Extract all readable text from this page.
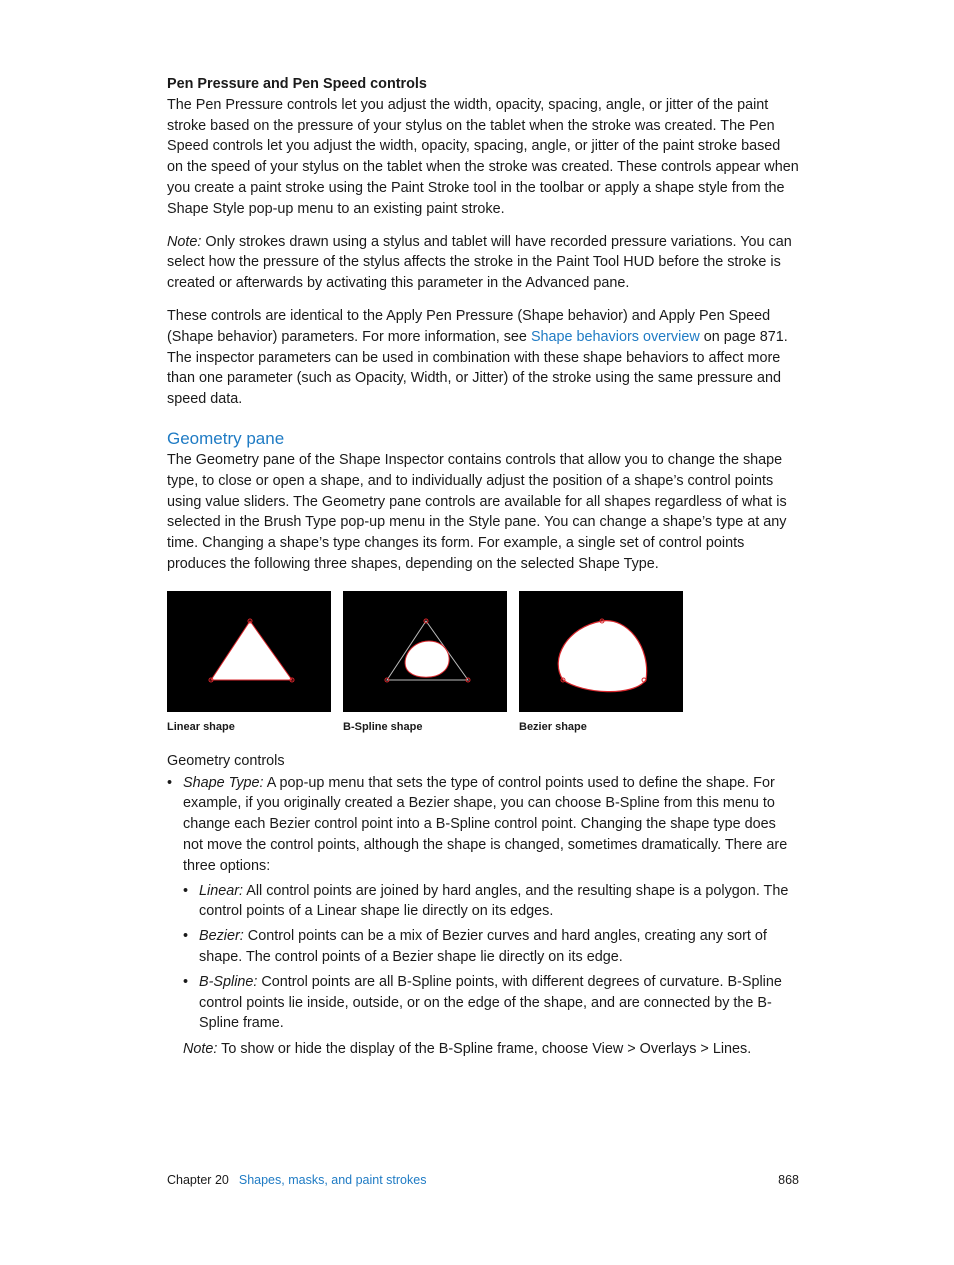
Pen Pressure and Pen Speed controls

The Pen Pressure controls let you adjust the width, opacity, spacing, angle, or jitter of the paint stroke based on the pressure of your stylus on the tablet when the stroke was created. The Pen Speed controls let you adjust the width, opacity, spacing, angle, or jitter of the paint stroke based on the speed of your stylus on the tablet when the stroke was created. These controls appear when you create a paint stroke using the Paint Stroke tool in the toolbar or apply a shape style from the Shape Style pop-up menu to an existing paint stroke.

Note: Only strokes drawn using a stylus and tablet will have recorded pressure variations. You can select how the pressure of the stylus affects the stroke in the Paint Tool HUD before the stroke is created or afterwards by activating this parameter in the Advanced pane.

These controls are identical to the Apply Pen Pressure (Shape behavior) and Apply Pen Speed (Shape behavior) parameters. For more information, see Shape behaviors overview on page 871. The inspector parameters can be used in combination with these shape behaviors to affect more than one parameter (such as Opacity, Width, or Jitter) of the stroke using the same pressure and speed data.

Geometry pane

The Geometry pane of the Shape Inspector contains controls that allow you to change the shape type, to close or open a shape, and to individually adjust the position of a shape’s control points using value sliders. The Geometry pane controls are available for all shapes regardless of what is selected in the Brush Type pop-up menu in the Style pane. You can change a shape’s type at any time. Changing a shape’s type changes its form. For example, a single set of control points produces the following three shapes, depending on the selected Shape Type.

Linear shape	B-Spline shape	Bezier shape

Geometry controls

• Shape Type: A pop-up menu that sets the type of control points used to define the shape. For example, if you originally created a Bezier shape, you can choose B-Spline from this menu to change each Bezier control point into a B-Spline control point. Changing the shape type does not move the control points, although the shape is changed, sometimes dramatically. There are three options:
• Linear: All control points are joined by hard angles, and the resulting shape is a polygon. The control points of a Linear shape lie directly on its edges.
• Bezier: Control points can be a mix of Bezier curves and hard angles, creating any sort of shape. The control points of a Bezier shape lie directly on its edge.
• B-Spline: Control points are all B-Spline points, with different degrees of curvature. B-Spline control points lie inside, outside, or on the edge of the shape, and are connected by the B-Spline frame.

Note: To show or hide the display of the B-Spline frame, choose View > Overlays > Lines.

Chapter 20 Shapes, masks, and paint strokes	868
